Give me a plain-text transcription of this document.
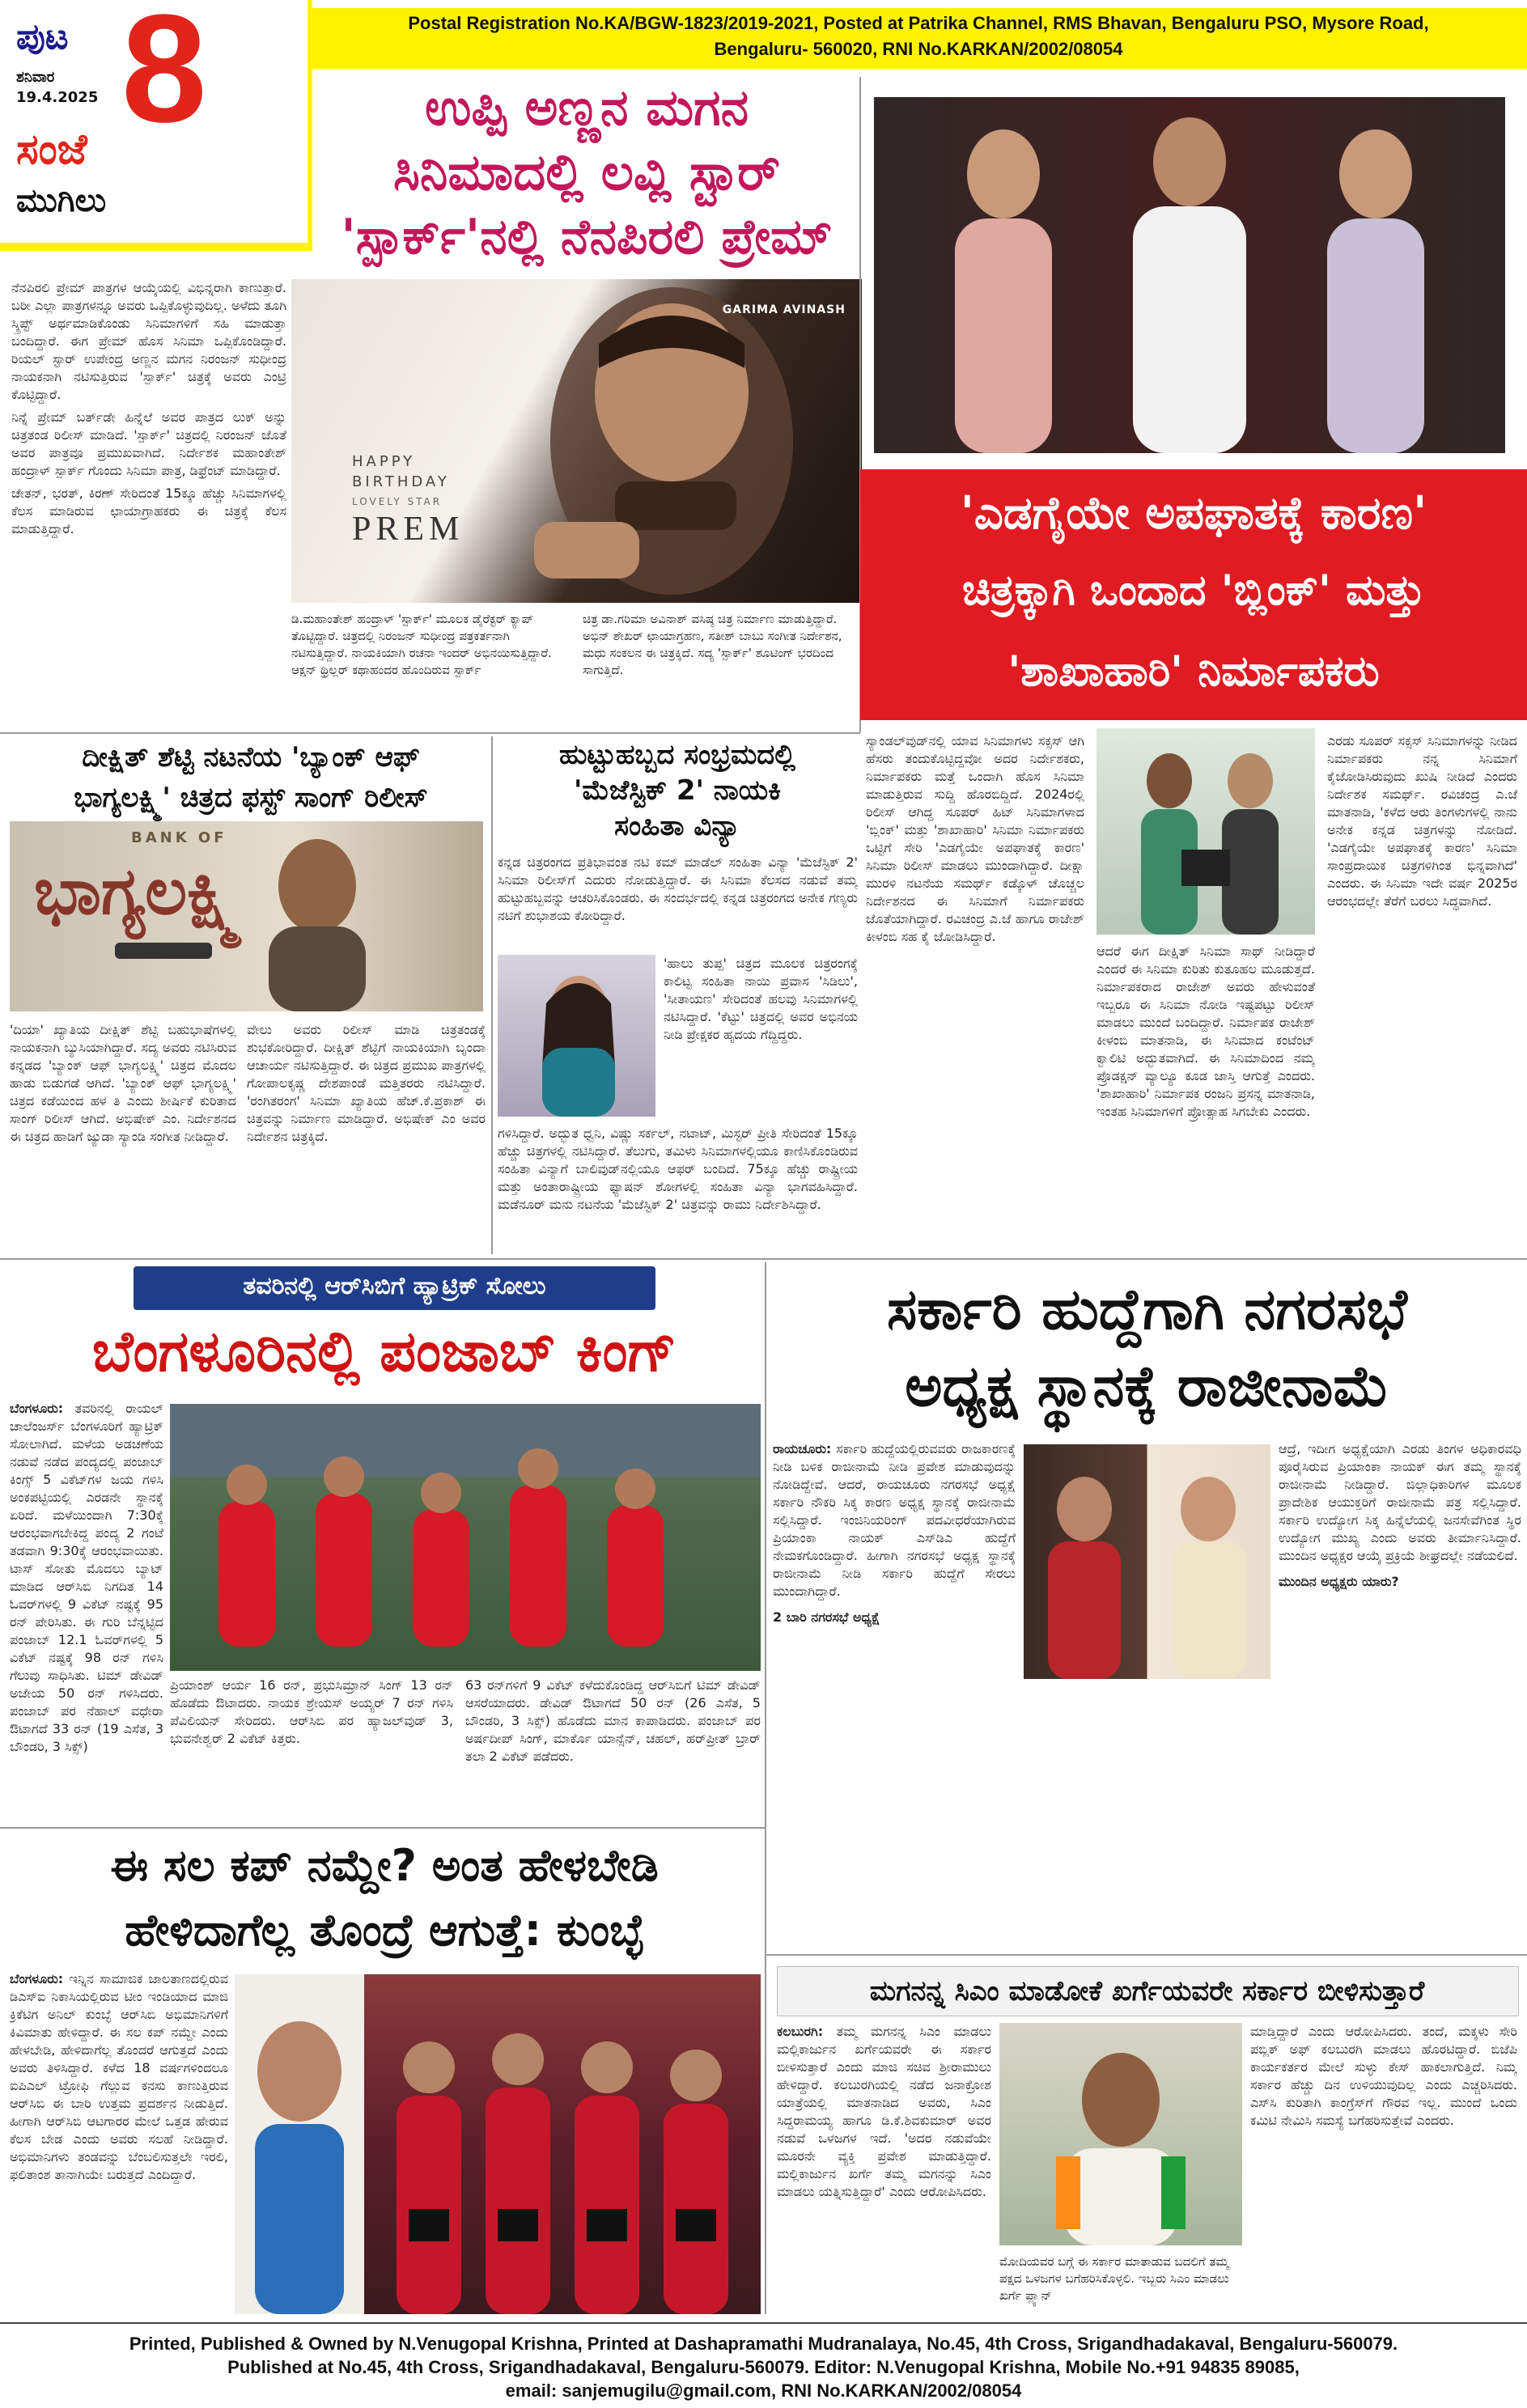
ಪುಟ 8
ಶನಿವಾರ
19.4.2025
ಸಂಜೆ
ಮುಗಿಲು
Postal Registration No.KA/BGW-1823/2019-2021, Posted at Patrika Channel, RMS Bhavan, Bengaluru PSO, Mysore Road,
Bengaluru- 560020, RNI No.KARKAN/2002/08054
ಉಪ್ಪಿ ಅಣ್ಣನ ಮಗನ
ಸಿನಿಮಾದಲ್ಲಿ ಲವ್ಲಿ ಸ್ಟಾರ್
'ಸ್ಪಾರ್ಕ್'ನಲ್ಲಿ ನೆನಪಿರಲಿ ಪ್ರೇಮ್

ನೆನಪಿರಲಿ ಪ್ರೇಮ್ ಪಾತ್ರಗಳ ಆಯ್ಕೆಯಲ್ಲಿ ವಿಭಿನ್ನರಾಗಿ ಕಾಣುತ್ತಾರೆ. ಬರೀ ಎಲ್ಲಾ ಪಾತ್ರಗಳನ್ನೂ ಅವರು ಒಪ್ಪಿಕೊಳ್ಳುವುದಿಲ್ಲ. ಅಳೆದು ತೂಗಿ ಸ್ಕ್ರಿಪ್ಟ್ ಅರ್ಥಮಾಡಿಕೊಂಡು ಸಿನಿಮಾಗಳಿಗೆ ಸಹಿ ಮಾಡುತ್ತಾ ಬಂದಿದ್ದಾರೆ. ಈಗ ಪ್ರೇಮ್ ಹೊಸ ಸಿನಿಮಾ ಒಪ್ಪಿಕೊಂಡಿದ್ದಾರೆ. ರಿಯಲ್ ಸ್ಟಾರ್ ಉಪೇಂದ್ರ ಅಣ್ಣನ ಮಗನ ನಿರಂಜನ್ ಸುಧೀಂದ್ರ ನಾಯಕನಾಗಿ ನಟಿಸುತ್ತಿರುವ 'ಸ್ಪಾರ್ಕ್' ಚಿತ್ರಕ್ಕೆ ಅವರು ಎಂಟ್ರಿ ಕೊಟ್ಟಿದ್ದಾರೆ.

ನಿನ್ನೆ ಪ್ರೇಮ್ ಬರ್ತ್‌ಡೇ ಹಿನ್ನೆಲೆ ಅವರ ಪಾತ್ರದ ಲುಕ್ ಅನ್ನು ಚಿತ್ರತಂಡ ರಿಲೀಸ್ ಮಾಡಿದೆ. 'ಸ್ಪಾರ್ಕ್' ಚಿತ್ರದಲ್ಲಿ ನಿರಂಜನ್ ಜೊತೆ ಅವರ ಪಾತ್ರವೂ ಪ್ರಮುಖವಾಗಿದೆ. ನಿರ್ದೇಶಕ ಮಹಾಂತೇಶ್ ಹಂದ್ರಾಳ್ ಸ್ಪಾರ್ಕ್ ಗೊಂದು ಸಿನಿಮಾ ಪಾತ್ರ, ಡಿಫ್ರೆಂಟ್ ಮಾಡಿದ್ದಾರೆ.

ಚೇತನ್, ಭರತ್, ಕಿರಣ್ ಸೇರಿದಂತೆ 15ಕ್ಕೂ ಹೆಚ್ಚು ಸಿನಿಮಾಗಳಲ್ಲಿ ಕೆಲಸ ಮಾಡಿರುವ ಛಾಯಾಗ್ರಾಹಕರು ಈ ಚಿತ್ರಕ್ಕೆ ಕೆಲಸ ಮಾಡುತ್ತಿದ್ದಾರೆ.

GARIMA AVINASH
HAPPY
BIRTHDAY
LOVELY STAR
PREM
ಡಿ.ಮಹಾಂತೇಶ್ ಹಂದ್ರಾಳ್ 'ಸ್ಪಾರ್ಕ್' ಮೂಲಕ ಡೈರೆಕ್ಟರ್ ಕ್ಯಾಪ್ ತೊಟ್ಟಿದ್ದಾರೆ. ಚಿತ್ರದಲ್ಲಿ ನಿರಂಜನ್ ಸುಧೀಂದ್ರ ಪತ್ರಕರ್ತನಾಗಿ ನಟಿಸುತ್ತಿದ್ದಾರೆ. ನಾಯಕಿಯಾಗಿ ರಚನಾ ಇಂದರ್ ಅಭಿನಯಿಸುತ್ತಿದ್ದಾರೆ. ಆಕ್ಷನ್ ಥ್ರಿಲ್ಲರ್ ಕಥಾಹಂದರ ಹೊಂದಿರುವ ಸ್ಪಾರ್ಕ್
ಚಿತ್ರ ಡಾ.ಗರಿಮಾ ಅವಿನಾಶ್ ವಸಿಷ್ಠ ಚಿತ್ರ ನಿರ್ಮಾಣ ಮಾಡುತ್ತಿದ್ದಾರೆ. ಅಭಿನ್ ಶೇಖರ್ ಛಾಯಾಗ್ರಹಣ, ಸತೀಶ್ ಬಾಬು ಸಂಗೀತ ನಿರ್ದೇಶನ, ಮಧು ಸಂಕಲನ ಈ ಚಿತ್ರಕ್ಕಿದೆ. ಸದ್ಯ 'ಸ್ಪಾರ್ಕ್' ಶೂಟಿಂಗ್ ಭರದಿಂದ ಸಾಗುತ್ತಿದೆ.
'ಎಡಗೈಯೇ ಅಪಘಾತಕ್ಕೆ ಕಾರಣ'
ಚಿತ್ರಕ್ಕಾಗಿ ಒಂದಾದ 'ಬ್ಲಿಂಕ್' ಮತ್ತು
'ಶಾಖಾಹಾರಿ' ನಿರ್ಮಾಪಕರು
ಸ್ಯಾಂಡಲ್‌ವುಡ್‌ನಲ್ಲಿ ಯಾವ ಸಿನಿಮಾಗಳು ಸಕ್ಸಸ್ ಆಗಿ ಹೆಸರು ತಂದುಕೊಟ್ಟಿದ್ದವೋ ಅದರ ನಿರ್ದೇಶಕರು, ನಿರ್ಮಾಪಕರು ಮತ್ತೆ ಒಂದಾಗಿ ಹೊಸ ಸಿನಿಮಾ ಮಾಡುತ್ತಿರುವ ಸುದ್ದಿ ಹೊರಬಿದ್ದಿದೆ. 2024ರಲ್ಲಿ ರಿಲೀಸ್ ಆಗಿದ್ದ ಸೂಪರ್ ಹಿಟ್ ಸಿನಿಮಾಗಳಾದ 'ಬ್ಲಿಂಕ್' ಮತ್ತು 'ಶಾಖಾಹಾರಿ' ಸಿನಿಮಾ ನಿರ್ಮಾಪಕರು ಒಟ್ಟಿಗೆ ಸೇರಿ 'ಎಡಗೈಯೇ ಅಪಘಾತಕ್ಕೆ ಕಾರಣ' ಸಿನಿಮಾ ರಿಲೀಸ್ ಮಾಡಲು ಮುಂದಾಗಿದ್ದಾರೆ. ದೀಕ್ಷಾ ಮುರಳಿ ನಟನೆಯ ಸಮರ್ಥ್ ಕಡ್ಕೊಳ್ ಚೊಚ್ಚಲ ನಿರ್ದೇಶನದ ಈ ಸಿನಿಮಾಗೆ ನಿರ್ಮಾಪಕರು ಜೊತೆಯಾಗಿದ್ದಾರೆ. ರವಿಚಂದ್ರ ಎ.ಜೆ ಹಾಗೂ ರಾಜೇಶ್ ಕೀಳಂಬಿ ಸಹ ಕೈ ಜೋಡಿಸಿದ್ದಾರೆ.
ಆದರೆ ಈಗ ದೀಕ್ಷಿತ್ ಸಿನಿಮಾ ಸಾಥ್ ನೀಡಿದ್ದಾರೆ ಎಂದರೆ ಈ ಸಿನಿಮಾ ಕುರಿತು ಕುತೂಹಲ ಮೂಡುತ್ತದೆ. ನಿರ್ಮಾಪಕರಾದ ರಾಜೇಶ್ ಅವರು ಹೇಳುವಂತೆ ಇಬ್ಬರೂ ಈ ಸಿನಿಮಾ ನೋಡಿ ಇಷ್ಟಪಟ್ಟು ರಿಲೀಸ್ ಮಾಡಲು ಮುಂದೆ ಬಂದಿದ್ದಾರೆ. ನಿರ್ಮಾಪಕ ರಾಜೇಶ್ ಕೀಳಂಬಿ ಮಾತನಾಡಿ, ಈ ಸಿನಿಮಾದ ಕಂಟೆಂಟ್ ಕ್ವಾಲಿಟಿ ಅದ್ಭುತವಾಗಿದೆ. ಈ ಸಿನಿಮಾದಿಂದ ನಮ್ಮ ಪ್ರೊಡಕ್ಷನ್ ವ್ಯಾಲ್ಯೂ ಕೂಡ ಜಾಸ್ತಿ ಆಗುತ್ತೆ ಎಂದರು. 'ಶಾಖಾಹಾರಿ' ನಿರ್ಮಾಪಕ ರಂಜನಿ ಪ್ರಸನ್ನ ಮಾತನಾಡಿ, ಇಂತಹ ಸಿನಿಮಾಗಳಿಗೆ ಪ್ರೋತ್ಸಾಹ ಸಿಗಬೇಕು ಎಂದರು.
ಎರಡು ಸೂಪರ್ ಸಕ್ಸಸ್ ಸಿನಿಮಾಗಳನ್ನು ನೀಡಿದ ನಿರ್ಮಾಪಕರು ನನ್ನ ಸಿನಿಮಾಗೆ ಕೈಜೋಡಿಸಿರುವುದು ಖುಷಿ ನೀಡಿದೆ ಎಂದರು ನಿರ್ದೇಶಕ ಸಮರ್ಥ್. ರವಿಚಂದ್ರ ಎ.ಜೆ ಮಾತನಾಡಿ, 'ಕಳೆದ ಆರು ತಿಂಗಳುಗಳಲ್ಲಿ ನಾನು ಅನೇಕ ಕನ್ನಡ ಚಿತ್ರಗಳನ್ನು ನೋಡಿದೆ. 'ಎಡಗೈಯೇ ಅಪಘಾತಕ್ಕೆ ಕಾರಣ' ಸಿನಿಮಾ ಸಾಂಪ್ರದಾಯಿಕ ಚಿತ್ರಗಳಿಗಿಂತ ಭಿನ್ನವಾಗಿದೆ' ಎಂದರು. ಈ ಸಿನಿಮಾ ಇದೇ ವರ್ಷ 2025ರ ಆರಂಭದಲ್ಲೇ ತೆರೆಗೆ ಬರಲು ಸಿದ್ಧವಾಗಿದೆ.
ದೀಕ್ಷಿತ್ ಶೆಟ್ಟಿ ನಟನೆಯ 'ಬ್ಯಾಂಕ್ ಆಫ್
ಭಾಗ್ಯಲಕ್ಷ್ಮಿ' ಚಿತ್ರದ ಫಸ್ಟ್ ಸಾಂಗ್ ರಿಲೀಸ್
BANK OF
ಭಾಗ್ಯಲಕ್ಷ್ಮಿ
'ದಿಯಾ' ಖ್ಯಾತಿಯ ದೀಕ್ಷಿತ್ ಶೆಟ್ಟಿ ಬಹುಭಾಷೆಗಳಲ್ಲಿ ನಾಯಕನಾಗಿ ಬ್ಯುಸಿಯಾಗಿದ್ದಾರೆ. ಸದ್ಯ ಅವರು ನಟಿಸಿರುವ ಕನ್ನಡದ 'ಬ್ಯಾಂಕ್ ಆಫ್ ಭಾಗ್ಯಲಕ್ಷ್ಮಿ' ಚಿತ್ರದ ಮೊದಲ ಹಾಡು ಬಿಡುಗಡೆ ಆಗಿದೆ. 'ಬ್ಯಾಂಕ್ ಆಫ್ ಭಾಗ್ಯಲಕ್ಷ್ಮಿ' ಚಿತ್ರದ ಕಡೆಯಿಂದ ಹಳ ತಿ ಎಂದು ಶೀರ್ಷಿಕೆ ಕುರಿತಾದ ಸಾಂಗ್ ರಿಲೀಸ್ ಆಗಿದೆ. ಅಭಿಷೇಕ್ ಎಂ. ನಿರ್ದೇಶನದ ಈ ಚಿತ್ರದ ಹಾಡಿಗೆ ಜ್ಯುಡಾ ಸ್ಯಾಂಡಿ ಸಂಗೀತ ನೀಡಿದ್ದಾರೆ.
ವೇಲು ಅವರು ರಿಲೀಸ್ ಮಾಡಿ ಚಿತ್ರತಂಡಕ್ಕೆ ಶುಭಕೋರಿದ್ದಾರೆ. ದೀಕ್ಷಿತ್ ಶೆಟ್ಟಿಗೆ ನಾಯಕಿಯಾಗಿ ಬೃಂದಾ ಆಚಾರ್ಯ ನಟಿಸುತ್ತಿದ್ದಾರೆ. ಈ ಚಿತ್ರದ ಪ್ರಮುಖ ಪಾತ್ರಗಳಲ್ಲಿ ಗೋಪಾಲಕೃಷ್ಣ ದೇಶಪಾಂಡೆ ಮತ್ತಿತರರು ನಟಿಸಿದ್ದಾರೆ. 'ರಂಗಿತರಂಗ' ಸಿನಿಮಾ ಖ್ಯಾತಿಯ ಹೆಚ್.ಕೆ.ಪ್ರಕಾಶ್ ಈ ಚಿತ್ರವನ್ನು ನಿರ್ಮಾಣ ಮಾಡಿದ್ದಾರೆ. ಅಭಿಷೇಕ್ ಎಂ ಅವರ ನಿರ್ದೇಶನ ಚಿತ್ರಕ್ಕಿದೆ.
ಹುಟ್ಟುಹಬ್ಬದ ಸಂಭ್ರಮದಲ್ಲಿ
'ಮೆಜೆಸ್ಟಿಕ್ 2' ನಾಯಕಿ
ಸಂಹಿತಾ ವಿನ್ಯಾ
ಕನ್ನಡ ಚಿತ್ರರಂಗದ ಪ್ರತಿಭಾವಂತ ನಟಿ ಕಮ್ ಮಾಡೆಲ್ ಸಂಹಿತಾ ವಿನ್ಯಾ 'ಮೆಜೆಸ್ಟಿಕ್ 2' ಸಿನಿಮಾ ರಿಲೀಸ್‌ಗೆ ಎದುರು ನೋಡುತ್ತಿದ್ದಾರೆ. ಈ ಸಿನಿಮಾ ಕೆಲಸದ ನಡುವೆ ತಮ್ಮ ಹುಟ್ಟುಹಬ್ಬವನ್ನು ಆಚರಿಸಿಕೊಂಡರು. ಈ ಸಂದರ್ಭದಲ್ಲಿ ಕನ್ನಡ ಚಿತ್ರರಂಗದ ಅನೇಕ ಗಣ್ಯರು ನಟಿಗೆ ಶುಭಾಶಯ ಕೋರಿದ್ದಾರೆ.
'ಹಾಲು ತುಪ್ಪ' ಚಿತ್ರದ ಮೂಲಕ ಚಿತ್ರರಂಗಕ್ಕೆ ಕಾಲಿಟ್ಟ ಸಂಹಿತಾ ನಾಯಿ ಪ್ರವಾಸ 'ಸಿಡಿಲು', 'ಸೀತಾಯಣ' ಸೇರಿದಂತೆ ಹಲವು ಸಿನಿಮಾಗಳಲ್ಲಿ ನಟಿಸಿದ್ದಾರೆ. 'ಕೆಟ್ಟು' ಚಿತ್ರದಲ್ಲಿ ಅವರ ಅಭಿನಯ ನೀಡಿ ಪ್ರೇಕ್ಷಕರ ಹೃದಯ ಗೆದ್ದಿದ್ದರು.
ಗಳಿಸಿದ್ದಾರೆ. ಅದ್ಭುತ ಧ್ವನಿ, ವಿಷ್ಣು ಸರ್ಕಲ್, ನಟಾಟ್, ಮಿಸ್ಟರ್ ಪ್ರೀತಿ ಸೇರಿದಂತೆ 15ಕ್ಕೂ ಹೆಚ್ಚು ಚಿತ್ರಗಳಲ್ಲಿ ನಟಿಸಿದ್ದಾರೆ. ತೆಲುಗು, ತಮಿಳು ಸಿನಿಮಾಗಳಲ್ಲಿಯೂ ಕಾಣಿಸಿಕೊಂಡಿರುವ ಸಂಹಿತಾ ವಿನ್ಯಾಗೆ ಬಾಲಿವುಡ್‌ನಲ್ಲಿಯೂ ಆಫರ್ ಬಂದಿದೆ. 75ಕ್ಕೂ ಹೆಚ್ಚು ರಾಷ್ಟ್ರೀಯ ಮತ್ತು ಅಂತಾರಾಷ್ಟ್ರೀಯ ಫ್ಯಾಷನ್ ಶೋಗಳಲ್ಲಿ ಸಂಹಿತಾ ವಿನ್ಯಾ ಭಾಗವಹಿಸಿದ್ದಾರೆ. ಮಡೆನೂರ್ ಮನು ನಟನೆಯ 'ಮೆಜೆಸ್ಟಿಕ್ 2' ಚಿತ್ರವನ್ನು ರಾಮು ನಿರ್ದೇಶಿಸಿದ್ದಾರೆ.
ತವರಿನಲ್ಲಿ ಆರ್‌ಸಿಬಿಗೆ ಹ್ಯಾಟ್ರಿಕ್ ಸೋಲು
ಬೆಂಗಳೂರಿನಲ್ಲಿ ಪಂಜಾಬ್ ಕಿಂಗ್
ಬೆಂಗಳೂರು: ತವರಿನಲ್ಲಿ ರಾಯಲ್ ಚಾಲೆಂಜರ್ಸ್ ಬೆಂಗಳೂರಿಗೆ ಹ್ಯಾಟ್ರಿಕ್ ಸೋಲಾಗಿದೆ. ಮಳೆಯ ಅಡಚಣೆಯ ನಡುವೆ ನಡೆದ ಪಂದ್ಯದಲ್ಲಿ ಪಂಜಾಬ್ ಕಿಂಗ್ಸ್ 5 ವಿಕೆಟ್‌ಗಳ ಜಯ ಗಳಿಸಿ ಅಂಕಪಟ್ಟಿಯಲ್ಲಿ ಎರಡನೇ ಸ್ಥಾನಕ್ಕೆ ಏರಿದೆ. ಮಳೆಯಿಂದಾಗಿ 7:30ಕ್ಕೆ ಆರಂಭವಾಗಬೇಕಿದ್ದ ಪಂದ್ಯ 2 ಗಂಟೆ ತಡವಾಗಿ 9:30ಕ್ಕೆ ಆರಂಭವಾಯಿತು. ಟಾಸ್ ಸೋತು ಮೊದಲು ಬ್ಯಾಟ್ ಮಾಡಿದ ಆರ್‌ಸಿಬಿ ನಿಗದಿತ 14 ಓವರ್‌ಗಳಲ್ಲಿ 9 ವಿಕೆಟ್ ನಷ್ಟಕ್ಕೆ 95 ರನ್ ಪೇರಿಸಿತು. ಈ ಗುರಿ ಬೆನ್ನಟ್ಟಿದ ಪಂಜಾಬ್ 12.1 ಓವರ್‌ಗಳಲ್ಲಿ 5 ವಿಕೆಟ್ ನಷ್ಟಕ್ಕೆ 98 ರನ್ ಗಳಿಸಿ ಗೆಲುವು ಸಾಧಿಸಿತು. ಟಿಮ್ ಡೇವಿಡ್ ಅಜೇಯ 50 ರನ್ ಗಳಿಸಿದರು. ಪಂಜಾಬ್ ಪರ ನೆಹಾಲ್ ವಧೇರಾ ಔಟಾಗದೆ 33 ರನ್ (19 ಎಸೆತ, 3 ಬೌಂಡರಿ, 3 ಸಿಕ್ಸ್)
ಪ್ರಿಯಾಂಶ್ ಆರ್ಯ 16 ರನ್, ಪ್ರಭುಸಿಮ್ರಾನ್ ಸಿಂಗ್ 13 ರನ್ ಹೊಡೆದು ಔಟಾದರು. ನಾಯಕ ಶ್ರೇಯಸ್ ಅಯ್ಯರ್ 7 ರನ್ ಗಳಿಸಿ ಪೆವಿಲಿಯನ್ ಸೇರಿದರು. ಆರ್‌ಸಿಬಿ ಪರ ಹ್ಯಾಜಲ್‌ವುಡ್ 3, ಭುವನೇಶ್ವರ್ 2 ವಿಕೆಟ್ ಕಿತ್ತರು.
63 ರನ್‌ಗಳಿಗೆ 9 ವಿಕೆಟ್ ಕಳೆದುಕೊಂಡಿದ್ದ ಆರ್‌ಸಿಬಿಗೆ ಟಿಮ್ ಡೇವಿಡ್ ಆಸರೆಯಾದರು. ಡೇವಿಡ್ ಔಟಾಗದೆ 50 ರನ್ (26 ಎಸೆತ, 5 ಬೌಂಡರಿ, 3 ಸಿಕ್ಸ್) ಹೊಡೆದು ಮಾನ ಕಾಪಾಡಿದರು. ಪಂಜಾಬ್ ಪರ ಅರ್ಷದೀಪ್ ಸಿಂಗ್, ಮಾರ್ಕೊ ಯಾನ್ಸೆನ್, ಚಹಲ್, ಹರ್‌ಪ್ರೀತ್ ಬ್ರಾರ್ ತಲಾ 2 ವಿಕೆಟ್ ಪಡೆದರು.
ಸರ್ಕಾರಿ ಹುದ್ದೆಗಾಗಿ ನಗರಸಭೆ
ಅಧ್ಯಕ್ಷ ಸ್ಥಾನಕ್ಕೆ ರಾಜೀನಾಮೆ
ರಾಯಚೂರು: ಸರ್ಕಾರಿ ಹುದ್ದೆಯಲ್ಲಿರುವವರು ರಾಜಕಾರಣಕ್ಕೆ ನೀಡಿ ಬಳಿಕ ರಾಜೀನಾಮೆ ನೀಡಿ ಪ್ರವೇಶ ಮಾಡುವುದನ್ನು ನೋಡಿದ್ದೇವೆ. ಆದರೆ, ರಾಯಚೂರು ನಗರಸಭೆ ಅಧ್ಯಕ್ಷೆ ಸರ್ಕಾರಿ ನೌಕರಿ ಸಿಕ್ಕ ಕಾರಣ ಅಧ್ಯಕ್ಷ ಸ್ಥಾನಕ್ಕೆ ರಾಜೀನಾಮೆ ಸಲ್ಲಿಸಿದ್ದಾರೆ. ಇಂಜಿನಿಯರಿಂಗ್ ಪದವೀಧರೆಯಾಗಿರುವ ಪ್ರಿಯಾಂಕಾ ನಾಯಕ್ ಎಸ್‌ಡಿಎ ಹುದ್ದೆಗೆ ನೇಮಕಗೊಂಡಿದ್ದಾರೆ. ಹೀಗಾಗಿ ನಗರಸಭೆ ಅಧ್ಯಕ್ಷ ಸ್ಥಾನಕ್ಕೆ ರಾಜೀನಾಮೆ ನೀಡಿ ಸರ್ಕಾರಿ ಹುದ್ದೆಗೆ ಸೇರಲು ಮುಂದಾಗಿದ್ದಾರೆ.

2 ಬಾರಿ ನಗರಸಭೆ ಅಧ್ಯಕ್ಷೆ

ಆದ್ರೆ, ಇದೀಗ ಅಧ್ಯಕ್ಷೆಯಾಗಿ ಎರಡು ತಿಂಗಳ ಅಧಿಕಾರವಧಿ ಪೂರೈಸಿರುವ ಪ್ರಿಯಾಂಕಾ ನಾಯಕ್ ಈಗ ತಮ್ಮ ಸ್ಥಾನಕ್ಕೆ ರಾಜೀನಾಮೆ ನೀಡಿದ್ದಾರೆ. ಜಿಲ್ಲಾಧಿಕಾರಿಗಳ ಮೂಲಕ ಪ್ರಾದೇಶಿಕ ಆಯುಕ್ತರಿಗೆ ರಾಜೀನಾಮೆ ಪತ್ರ ಸಲ್ಲಿಸಿದ್ದಾರೆ. ಸರ್ಕಾರಿ ಉದ್ಯೋಗ ಸಿಕ್ಕ ಹಿನ್ನೆಲೆಯಲ್ಲಿ ಜನಸೇವೆಗಿಂತ ಸ್ಥಿರ ಉದ್ಯೋಗ ಮುಖ್ಯ ಎಂದು ಅವರು ತೀರ್ಮಾನಿಸಿದ್ದಾರೆ. ಮುಂದಿನ ಅಧ್ಯಕ್ಷರ ಆಯ್ಕೆ ಪ್ರಕ್ರಿಯೆ ಶೀಘ್ರದಲ್ಲೇ ನಡೆಯಲಿದೆ.

ಮುಂದಿನ ಅಧ್ಯಕ್ಷರು ಯಾರು?

ಈ ಸಲ ಕಪ್ ನಮ್ದೇ? ಅಂತ ಹೇಳಬೇಡಿ
ಹೇಳಿದಾಗೆಲ್ಲ ತೊಂದ್ರೆ ಆಗುತ್ತೆ: ಕುಂಬ್ಳೆ
ಬೆಂಗಳೂರು: ಇನ್ನಿನ ಸಾಮಾಜಿಕ ಜಾಲತಾಣದಲ್ಲಿರುವ ಡಿಎಸ್‌ಐ ನಿಕಾಸಿಯಲ್ಲಿರುವ ಟೀಂ ಇಂಡಿಯಾದ ಮಾಜಿ ಕ್ರಿಕೆಟಿಗ ಅನಿಲ್ ಕುಂಬ್ಳೆ ಆರ್‌ಸಿಬಿ ಅಭಿಮಾನಿಗಳಿಗೆ ಕಿವಿಮಾತು ಹೇಳಿದ್ದಾರೆ. ಈ ಸಲ ಕಪ್ ನಮ್ದೇ ಎಂದು ಹೇಳಬೇಡಿ, ಹೇಳಿದಾಗೆಲ್ಲ ತೊಂದರೆ ಆಗುತ್ತದೆ ಎಂದು ಅವರು ತಿಳಿಸಿದ್ದಾರೆ. ಕಳೆದ 18 ವರ್ಷಗಳಿಂದಲೂ ಐಪಿಎಲ್ ಟ್ರೋಫಿ ಗೆಲ್ಲುವ ಕನಸು ಕಾಣುತ್ತಿರುವ ಆರ್‌ಸಿಬಿ ಈ ಬಾರಿ ಉತ್ತಮ ಪ್ರದರ್ಶನ ನೀಡುತ್ತಿದೆ. ಹೀಗಾಗಿ ಆರ್‌ಸಿಬಿ ಆಟಗಾರರ ಮೇಲೆ ಒತ್ತಡ ಹೇರುವ ಕೆಲಸ ಬೇಡ ಎಂದು ಅವರು ಸಲಹೆ ನೀಡಿದ್ದಾರೆ. ಅಭಿಮಾನಿಗಳು ತಂಡವನ್ನು ಬೆಂಬಲಿಸುತ್ತಲೇ ಇರಲಿ, ಫಲಿತಾಂಶ ತಾನಾಗಿಯೇ ಬರುತ್ತದೆ ಎಂದಿದ್ದಾರೆ.
ಮಗನನ್ನ ಸಿಎಂ ಮಾಡೋಕೆ ಖರ್ಗೆಯವರೇ ಸರ್ಕಾರ ಬೀಳಿಸುತ್ತಾರೆ
ಕಲಬುರಗಿ: ತಮ್ಮ ಮಗನನ್ನ ಸಿಎಂ ಮಾಡಲು ಮಲ್ಲಿಕಾರ್ಜುನ ಖರ್ಗೆಯವರೇ ಈ ಸರ್ಕಾರ ಬೀಳಿಸುತ್ತಾರೆ ಎಂದು ಮಾಜಿ ಸಚಿವ ಶ್ರೀರಾಮುಲು ಹೇಳಿದ್ದಾರೆ. ಕಲಬುರಗಿಯಲ್ಲಿ ನಡೆದ ಜನಾಕ್ರೋಶ ಯಾತ್ರೆಯಲ್ಲಿ ಮಾತನಾಡಿದ ಅವರು, ಸಿಎಂ ಸಿದ್ದರಾಮಯ್ಯ ಹಾಗೂ ಡಿ.ಕೆ.ಶಿವಕುಮಾರ್ ಅವರ ನಡುವೆ ಒಳಜಗಳ ಇದೆ. 'ಅದರ ನಡುವೆಯೇ ಮೂರನೇ ವ್ಯಕ್ತಿ ಪ್ರವೇಶ ಮಾಡುತ್ತಿದ್ದಾರೆ. ಮಲ್ಲಿಕಾರ್ಜುನ ಖರ್ಗೆ ತಮ್ಮ ಮಗನನ್ನು ಸಿಎಂ ಮಾಡಲು ಯತ್ನಿಸುತ್ತಿದ್ದಾರೆ' ಎಂದು ಆರೋಪಿಸಿದರು.
ಮೋದಿಯವರ ಬಗ್ಗೆ ಈ ಸರ್ಕಾರ ಮಾತಾಡುವ ಬದಲಿಗೆ ತಮ್ಮ ಪಕ್ಷದ ಒಳಜಗಳ ಬಗೆಹರಿಸಿಕೊಳ್ಳಲಿ. ಇಬ್ಬರು ಸಿಎಂ ಮಾಡಲು ಖರ್ಗೆ ಪ್ಲ್ಯಾನ್
ಮಾಡ್ತಿದ್ದಾರೆ ಎಂದು ಆರೋಪಿಸಿದರು. ತಂದೆ, ಮಕ್ಕಳು ಸೇರಿ ಪಬ್ಲಿಕ್ ಅಫ್ ಕಲಬುರಗಿ ಮಾಡಲು ಹೊರಟಿದ್ದಾರೆ. ಬಿಜೆಪಿ ಕಾರ್ಯಕರ್ತರ ಮೇಲೆ ಸುಳ್ಳು ಕೇಸ್ ಹಾಕಲಾಗುತ್ತಿದೆ. ನಿಮ್ಮ ಸರ್ಕಾರ ಹೆಚ್ಚು ದಿನ ಉಳಿಯುವುದಿಲ್ಲ ಎಂದು ಎಚ್ಚರಿಸಿದರು. ಎಸ್‌ಸಿ ಕುರಿತಾಗಿ ಕಾಂಗ್ರೆಸ್‌ಗೆ ಗೌರವ ಇಲ್ಲ. ಮುಂದೆ ಒಂದು ಕಮಿಟಿ ನೇಮಿಸಿ ಸಮಸ್ಯೆ ಬಗೆಹರಿಸುತ್ತೇವೆ ಎಂದರು.
Printed, Published & Owned by N.Venugopal Krishna, Printed at Dashapramathi Mudranalaya, No.45, 4th Cross, Srigandhadakaval, Bengaluru-560079.
Published at No.45, 4th Cross, Srigandhadakaval, Bengaluru-560079. Editor: N.Venugopal Krishna, Mobile No.+91 94835 89085,
email: sanjemugilu@gmail.com, RNI No.KARKAN/2002/08054
